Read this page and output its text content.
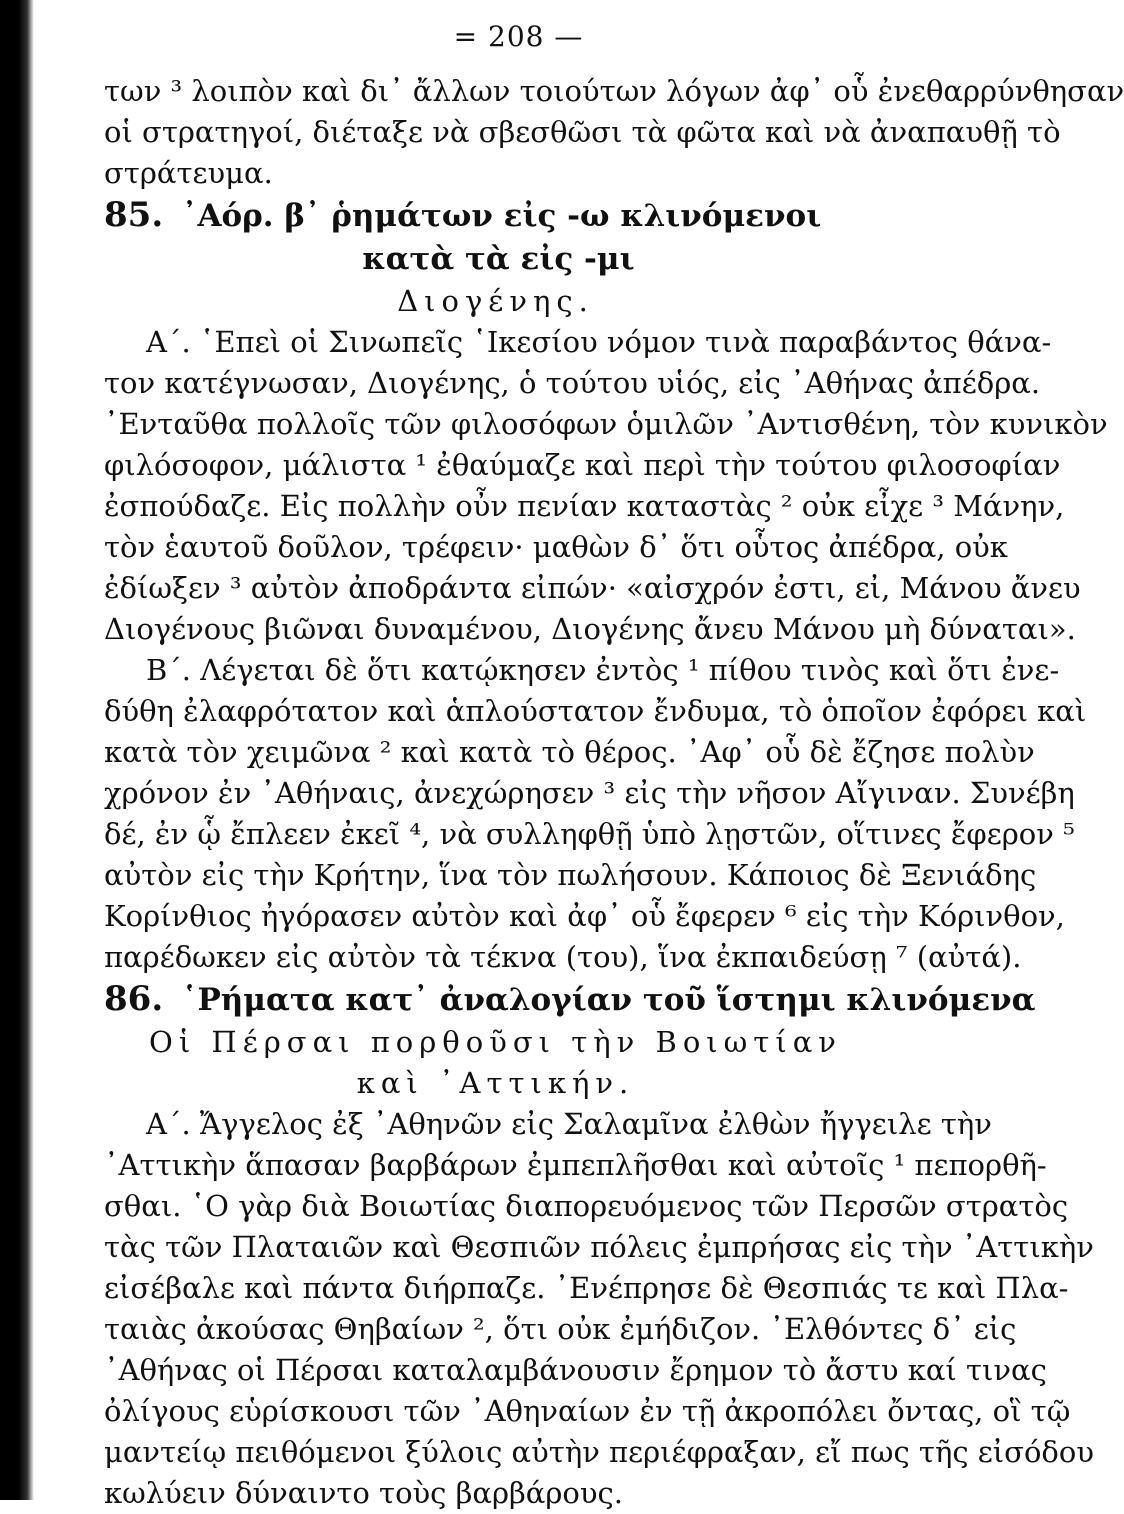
= 208 —
των ³ λοιπὸν καὶ δι᾿ ἄλλων τοιούτων λόγων ἀφ᾿ οὗ ἐνεθαρρύνθησαν
οἱ στρατηγοί, διέταξε νὰ σβεσθῶσι τὰ φῶτα καὶ νὰ ἀναπαυθῇ τὸ
στράτευμα.
85. ᾿Αόρ. β᾿ ῥημάτων εἰς -ω κλινόμενοι
κατὰ τὰ εἰς -μι
Διογένης.
Α΄. ῾Επεὶ οἱ Σινωπεῖς ῾Ικεσίου νόμον τινὰ παραβάντος θάνα-
τον κατέγνωσαν, Διογένης, ὁ τούτου υἱός, εἰς ᾿Αθήνας ἀπέδρα.
᾿Ενταῦθα πολλοῖς τῶν φιλοσόφων ὁμιλῶν ᾿Αντισθένη, τὸν κυνικὸν
φιλόσοφον, μάλιστα ¹ ἐθαύμαζε καὶ περὶ τὴν τούτου φιλοσοφίαν
ἐσπούδαζε. Εἰς πολλὴν οὖν πενίαν καταστὰς ² οὐκ εἶχε ³ Μάνην,
τὸν ἑαυτοῦ δοῦλον, τρέφειν· μαθὼν δ᾿ ὅτι οὗτος ἀπέδρα, οὐκ
ἐδίωξεν ³ αὐτὸν ἀποδράντα εἰπών· «αἰσχρόν ἐστι, εἰ, Μάνου ἄνευ
Διογένους βιῶναι δυναμένου, Διογένης ἄνευ Μάνου μὴ δύναται».
Β΄. Λέγεται δὲ ὅτι κατῴκησεν ἐντὸς ¹ πίθου τινὸς καὶ ὅτι ἐνε-
δύθη ἐλαφρότατον καὶ ἁπλούστατον ἔνδυμα, τὸ ὁποῖον ἐφόρει καὶ
κατὰ τὸν χειμῶνα ² καὶ κατὰ τὸ θέρος. ᾿Αφ᾿ οὗ δὲ ἔζησε πολὺν
χρόνον ἐν ᾿Αθήναις, ἀνεχώρησεν ³ εἰς τὴν νῆσον Αἴγιναν. Συνέβη
δέ, ἐν ᾧ ἔπλεεν ἐκεῖ ⁴, νὰ συλληφθῇ ὑπὸ λῃστῶν, οἵτινες ἔφερον ⁵
αὐτὸν εἰς τὴν Κρήτην, ἵνα τὸν πωλήσουν. Κάποιος δὲ Ξενιάδης
Κορίνθιος ἠγόρασεν αὐτὸν καὶ ἀφ᾿ οὗ ἔφερεν ⁶ εἰς τὴν Κόρινθον,
παρέδωκεν εἰς αὐτὸν τὰ τέκνα (του), ἵνα ἐκπαιδεύσῃ ⁷ (αὐτά).
86. ῾Ρήματα κατ᾿ ἀναλογίαν τοῦ ἵστημι κλινόμενα
Οἱ Πέρσαι πορθοῦσι τὴν Βοιωτίαν
καὶ ᾿Αττικήν.
Α΄. Ἄγγελος ἐξ ᾿Αθηνῶν εἰς Σαλαμῖνα ἐλθὼν ἤγγειλε τὴν
᾿Αττικὴν ἅπασαν βαρβάρων ἐμπεπλῆσθαι καὶ αὐτοῖς ¹ πεπορθῆ-
σθαι. ῾Ο γὰρ διὰ Βοιωτίας διαπορευόμενος τῶν Περσῶν στρατὸς
τὰς τῶν Πλαταιῶν καὶ Θεσπιῶν πόλεις ἐμπρήσας εἰς τὴν ᾿Αττικὴν
εἰσέβαλε καὶ πάντα διήρπαζε. ᾿Ενέπρησε δὲ Θεσπιάς τε καὶ Πλα-
ταιὰς ἀκούσας Θηβαίων ², ὅτι οὐκ ἐμήδιζον. ᾿Ελθόντες δ᾿ εἰς
᾿Αθήνας οἱ Πέρσαι καταλαμβάνουσιν ἔρημον τὸ ἄστυ καί τινας
ὀλίγους εὑρίσκουσι τῶν ᾿Αθηναίων ἐν τῇ ἀκροπόλει ὄντας, οἳ τῷ
μαντείῳ πειθόμενοι ξύλοις αὐτὴν περιέφραξαν, εἴ πως τῆς εἰσόδου
κωλύειν δύναιντο τοὺς βαρβάρους.
